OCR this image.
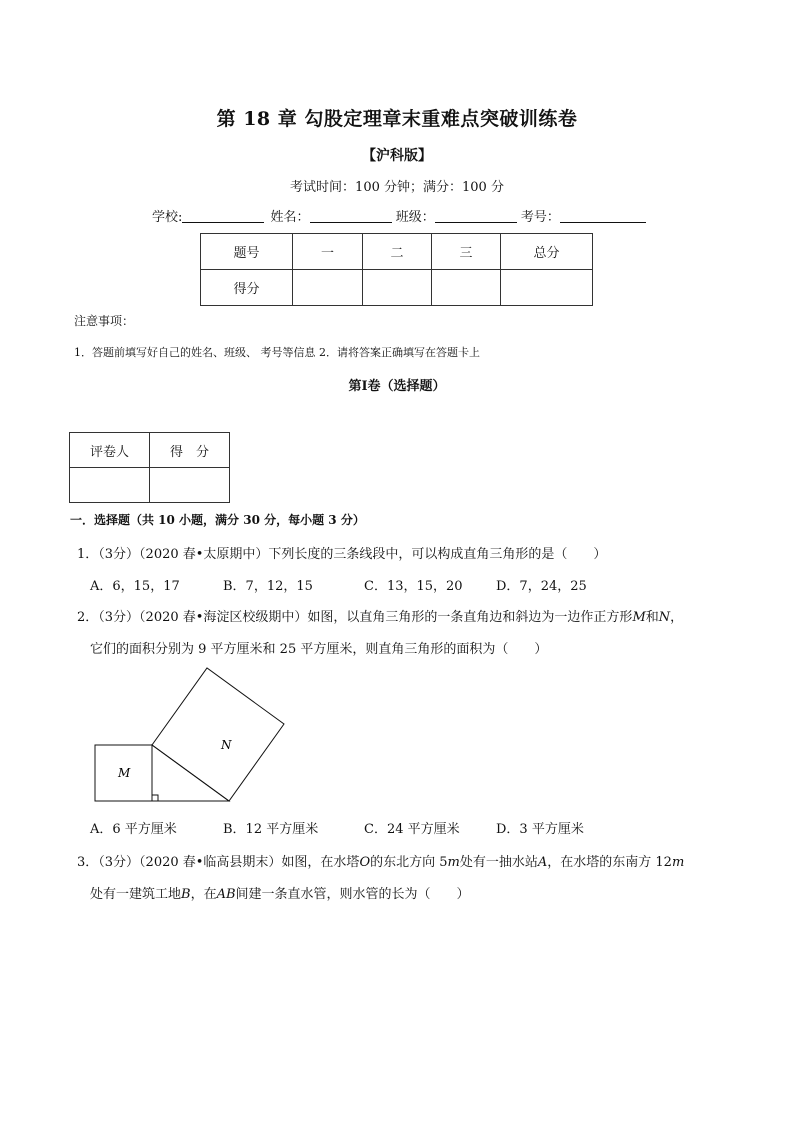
第 18 章 勾股定理章末重难点突破训练卷
【沪科版】
考试时间：100 分钟；满分：100 分
学校:	姓名：	班级：	考号：
题号	一	二	三	总分
得分				
注意事项：
1．答题前填写好自己的姓名、班级、 考号等信息 2．请将答案正确填写在答题卡上
第Ⅰ卷（选择题）
评卷人	得　分

一．选择题（共 10 小题，满分 30 分，每小题 3 分）
1．（3分）（2020 春•太原期中）下列长度的三条线段中，可以构成直角三角形的是（　　）
A．6，15，17	B．7，12，15	C．13，15，20	D．7，24，25
2．（3分）（2020 春•海淀区校级期中）如图，以直角三角形的一条直角边和斜边为一边作正方形M和N，
它们的面积分别为 9 平方厘米和 25 平方厘米，则直角三角形的面积为（　　）
M
N
A．6 平方厘米	B．12 平方厘米	C．24 平方厘米	D．3 平方厘米
3．（3分）（2020 春•临高县期末）如图，在水塔O的东北方向 5m处有一抽水站A，在水塔的东南方 12m
处有一建筑工地B，在AB间建一条直水管，则水管的长为（　　）
